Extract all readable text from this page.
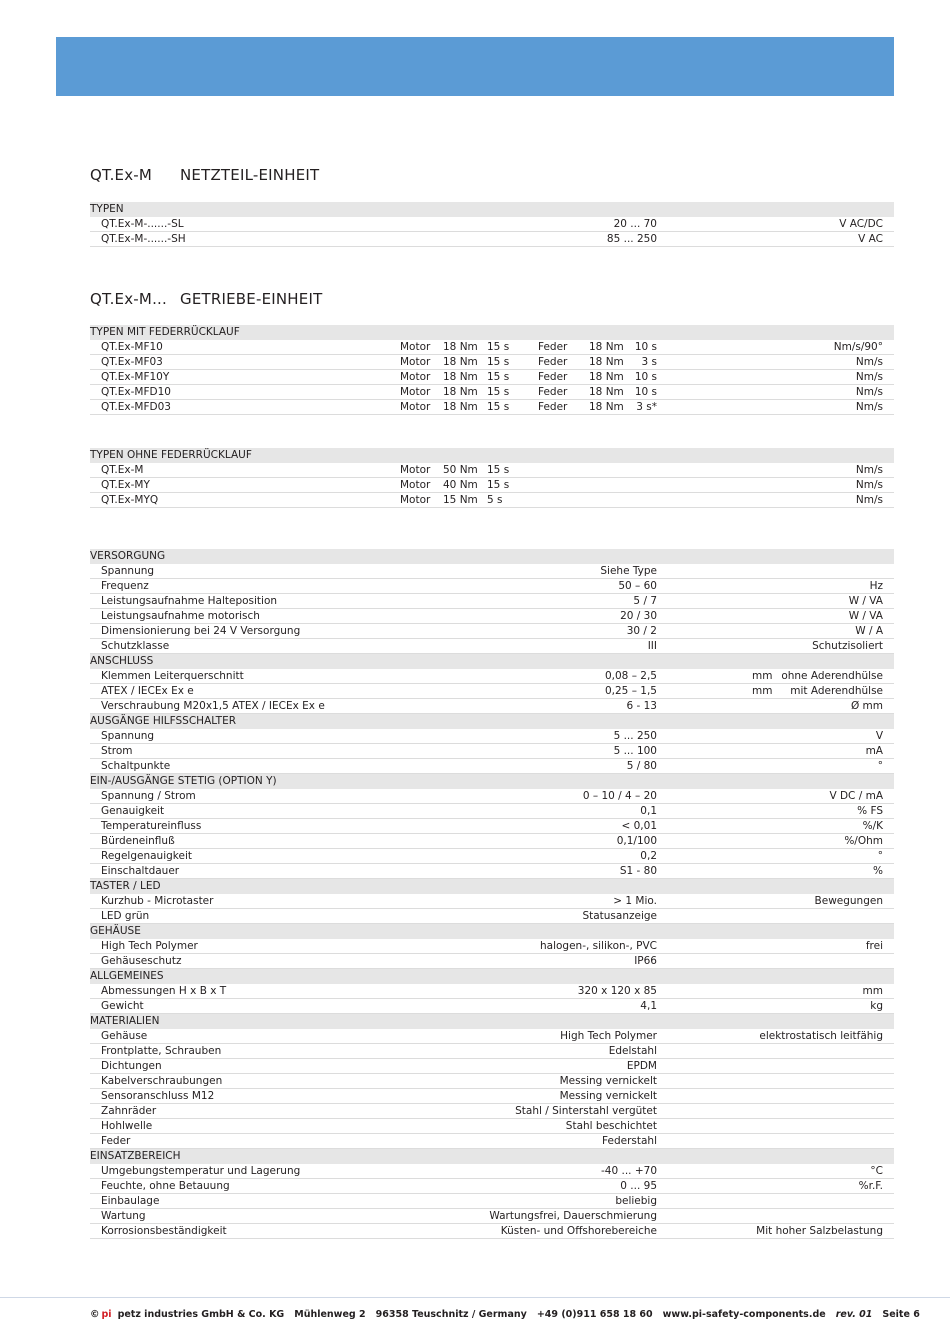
QT.Ex-M NETZTEIL-EINHEIT
TYPEN
QT.Ex-M-......-SL	20 ... 70	V AC/DC
QT.Ex-M-......-SH	85 ... 250	V AC
QT.Ex-M... GETRIEBE-EINHEIT
TYPEN MIT FEDERRÜCKLAUF
QT.Ex-MF10	Motor 18 Nm 15 s	Feder 18 Nm 10 s	Nm/s/90°
QT.Ex-MF03	Motor 18 Nm 15 s	Feder 18 Nm 3 s	Nm/s
QT.Ex-MF10Y	Motor 18 Nm 15 s	Feder 18 Nm 10 s	Nm/s
QT.Ex-MFD10	Motor 18 Nm 15 s	Feder 18 Nm 10 s	Nm/s
QT.Ex-MFD03	Motor 18 Nm 15 s	Feder 18 Nm 3 s*	Nm/s
TYPEN OHNE FEDERRÜCKLAUF
QT.Ex-M	Motor 50 Nm 15 s	Nm/s
QT.Ex-MY	Motor 40 Nm 15 s	Nm/s
QT.Ex-MYQ	Motor 15 Nm 5 s	Nm/s
VERSORGUNG
Spannung	Siehe Type
Frequenz	50 – 60	Hz
Leistungsaufnahme Halteposition	5 / 7	W / VA
Leistungsaufnahme motorisch	20 / 30	W / VA
Dimensionierung bei 24 V Versorgung	30 / 2	W / A
Schutzklasse	III	Schutzisoliert
ANSCHLUSS
Klemmen Leiterquerschnitt	0,08 – 2,5	mm ohne Aderendhülse
ATEX / IECEx Ex e	0,25 – 1,5	mm mit Aderendhülse
Verschraubung M20x1,5 ATEX / IECEx Ex e	6 - 13	Ø mm
AUSGÄNGE HILFSSCHALTER
Spannung	5 ... 250	V
Strom	5 ... 100	mA
Schaltpunkte	5 / 80	°
EIN-/AUSGÄNGE STETIG (OPTION Y)
Spannung / Strom	0 – 10 / 4 – 20	V DC / mA
Genauigkeit	0,1	% FS
Temperatureinfluss	< 0,01	%/K
Bürdeneinfluß	0,1/100	%/Ohm
Regelgenauigkeit	0,2	°
Einschaltdauer	S1 - 80	%
TASTER / LED
Kurzhub - Microtaster	> 1 Mio.	Bewegungen
LED grün	Statusanzeige
GEHÄUSE
High Tech Polymer	halogen-, silikon-, PVC	frei
Gehäuseschutz	IP66
ALLGEMEINES
Abmessungen H x B x T	320 x 120 x 85	mm
Gewicht	4,1	kg
MATERIALIEN
Gehäuse	High Tech Polymer	elektrostatisch leitfähig
Frontplatte, Schrauben	Edelstahl
Dichtungen	EPDM
Kabelverschraubungen	Messing vernickelt
Sensoranschluss M12	Messing vernickelt
Zahnräder	Stahl / Sinterstahl vergütet
Hohlwelle	Stahl beschichtet
Feder	Federstahl
EINSATZBEREICH
Umgebungstemperatur und Lagerung	-40 ... +70	°C
Feuchte, ohne Betauung	0 ... 95	%r.F.
Einbaulage	beliebig
Wartung	Wartungsfrei, Dauerschmierung
Korrosionsbeständigkeit	Küsten- und Offshorebereiche	Mit hoher Salzbelastung
© pi petz industries GmbH & Co. KG Mühlenweg 2 96358 Teuschnitz / Germany +49 (0)911 658 18 60 www.pi-safety-components.de rev. 01 Seite 6
